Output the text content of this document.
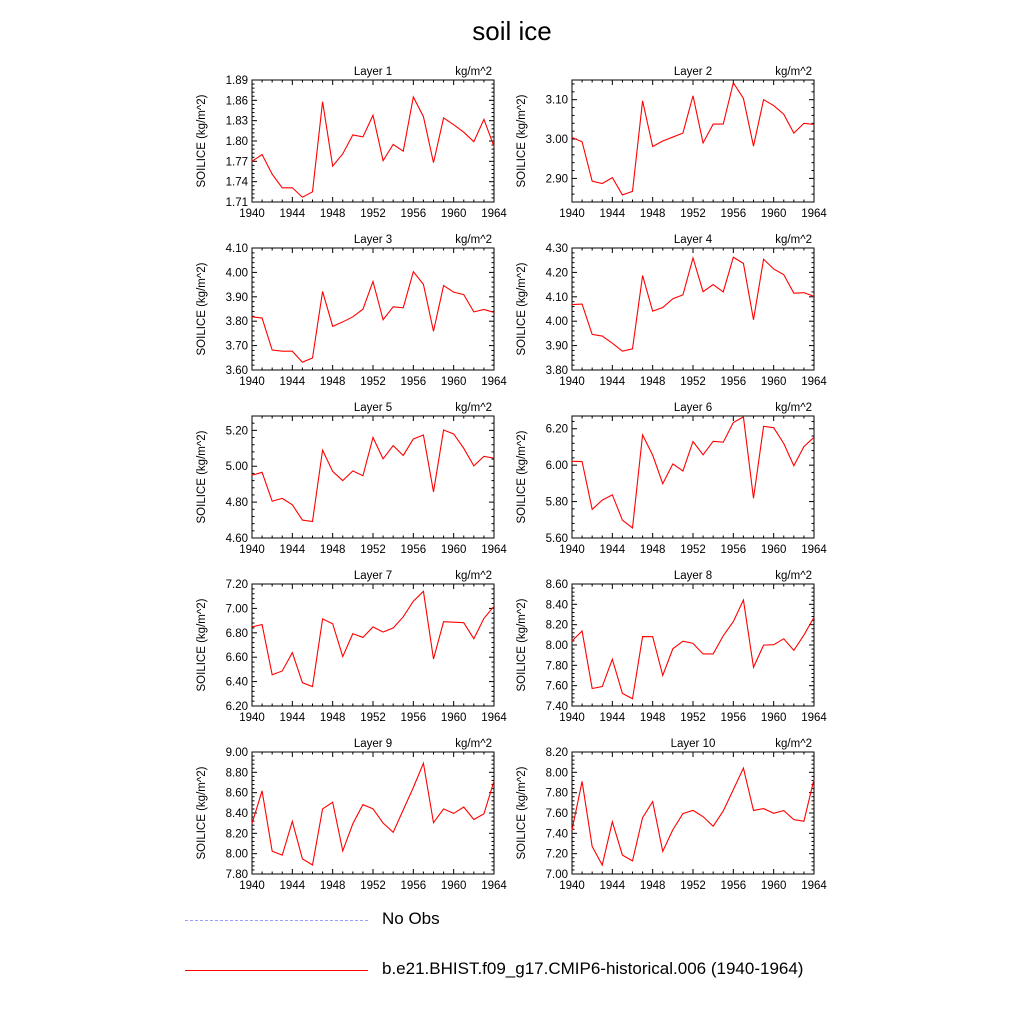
soil ice
1940 1944 1948 1952 1956 1960 1964
1.71
1.74
1.77
1.80
1.83
1.86
1.89
Layer 1	kg/m^2
SOILICE (kg/m^2)
1940 1944 1948 1952 1956 1960 1964
2.90
3.00
3.10
Layer 2	kg/m^2
SOILICE (kg/m^2)
1940 1944 1948 1952 1956 1960 1964
3.60
3.70
3.80
3.90
4.00
4.10
Layer 3	kg/m^2
SOILICE (kg/m^2)
1940 1944 1948 1952 1956 1960 1964
3.80
3.90
4.00
4.10
4.20
4.30
Layer 4	kg/m^2
SOILICE (kg/m^2)
1940 1944 1948 1952 1956 1960 1964
4.60
4.80
5.00
5.20
Layer 5	kg/m^2
SOILICE (kg/m^2)
1940 1944 1948 1952 1956 1960 1964
5.60
5.80
6.00
6.20
Layer 6	kg/m^2
SOILICE (kg/m^2)
1940 1944 1948 1952 1956 1960 1964
6.20
6.40
6.60
6.80
7.00
7.20
Layer 7	kg/m^2
SOILICE (kg/m^2)
1940 1944 1948 1952 1956 1960 1964
7.40
7.60
7.80
8.00
8.20
8.40
8.60
Layer 8	kg/m^2
SOILICE (kg/m^2)
1940 1944 1948 1952 1956 1960 1964
7.80
8.00
8.20
8.40
8.60
8.80
9.00
Layer 9	kg/m^2
SOILICE (kg/m^2)
1940 1944 1948 1952 1956 1960 1964
7.00
7.20
7.40
7.60
7.80
8.00
8.20
Layer 10	kg/m^2
SOILICE (kg/m^2)
No Obs
b.e21.BHIST.f09_g17.CMIP6-historical.006 (1940-1964)
